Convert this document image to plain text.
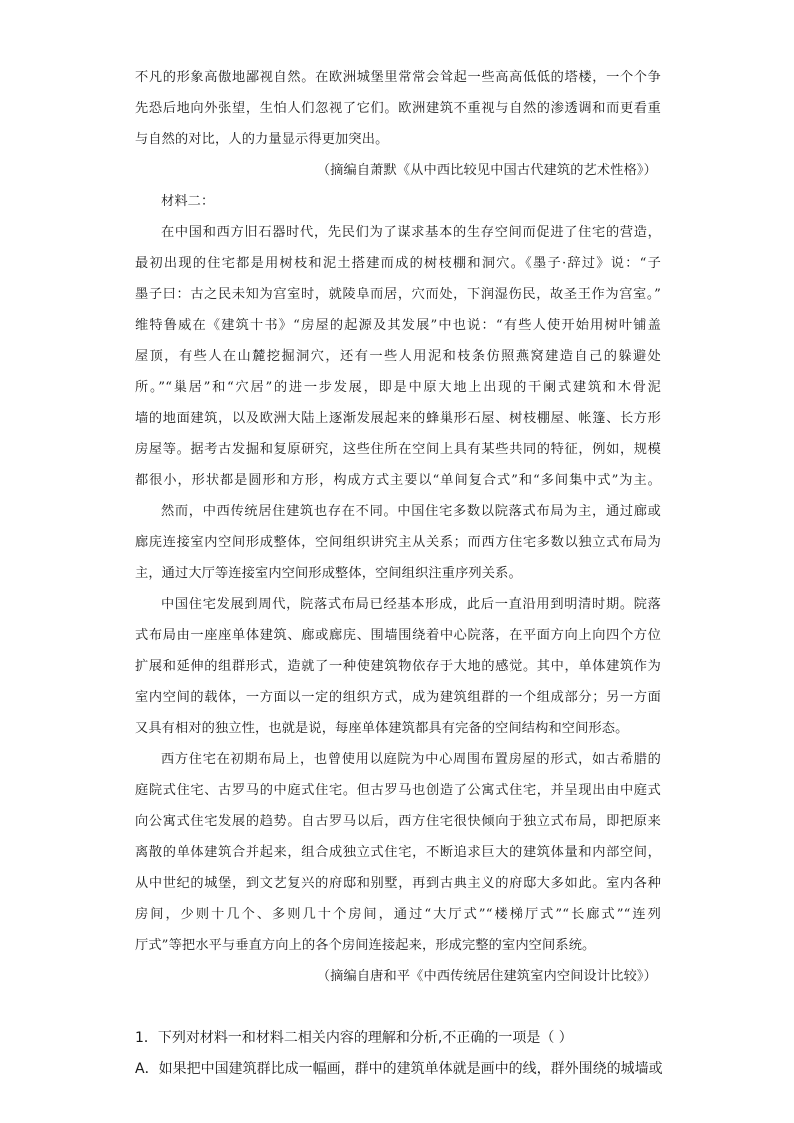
不凡的形象高傲地鄙视自然。在欧洲城堡里常常会耸起一些高高低低的塔楼，一个个争
先恐后地向外张望，生怕人们忽视了它们。欧洲建筑不重视与自然的渗透调和而更看重
与自然的对比，人的力量显示得更加突出。
（摘编自萧默《从中西比较见中国古代建筑的艺术性格》）
材料二：
在中国和西方旧石器时代，先民们为了谋求基本的生存空间而促进了住宅的营造，
最初出现的住宅都是用树枝和泥土搭建而成的树枝棚和洞穴。《墨子·辞过》说：“子
墨子曰：古之民未知为宫室时，就陵阜而居，穴而处，下润湿伤民，故圣王作为宫室。”
维特鲁威在《建筑十书》“房屋的起源及其发展”中也说：“有些人使开始用树叶铺盖
屋顶，有些人在山麓挖掘洞穴，还有一些人用泥和枝条仿照燕窝建造自己的躲避处
所。”“巢居”和“穴居”的进一步发展，即是中原大地上出现的干阑式建筑和木骨泥
墙的地面建筑，以及欧洲大陆上逐渐发展起来的蜂巢形石屋、树枝棚屋、帐篷、长方形
房屋等。据考古发掘和复原研究，这些住所在空间上具有某些共同的特征，例如，规模
都很小，形状都是圆形和方形，构成方式主要以“单间复合式”和“多间集中式”为主。
然而，中西传统居住建筑也存在不同。中国住宅多数以院落式布局为主，通过廊或
廊庑连接室内空间形成整体，空间组织讲究主从关系；而西方住宅多数以独立式布局为
主，通过大厅等连接室内空间形成整体，空间组织注重序列关系。
中国住宅发展到周代，院落式布局已经基本形成，此后一直沿用到明清时期。院落
式布局由一座座单体建筑、廊或廊庑、围墙围绕着中心院落，在平面方向上向四个方位
扩展和延伸的组群形式，造就了一种使建筑物依存于大地的感觉。其中，单体建筑作为
室内空间的载体，一方面以一定的组织方式，成为建筑组群的一个组成部分；另一方面
又具有相对的独立性，也就是说，每座单体建筑都具有完备的空间结构和空间形态。
西方住宅在初期布局上，也曾使用以庭院为中心周围布置房屋的形式，如古希腊的
庭院式住宅、古罗马的中庭式住宅。但古罗马也创造了公寓式住宅，并呈现出由中庭式
向公寓式住宅发展的趋势。自古罗马以后，西方住宅很快倾向于独立式布局，即把原来
离散的单体建筑合并起来，组合成独立式住宅，不断追求巨大的建筑体量和内部空间，
从中世纪的城堡，到文艺复兴的府邸和别墅，再到古典主义的府邸大多如此。室内各种
房间，少则十几个、多则几十个房间，通过“大厅式”“楼梯厅式”“长廊式”“连列
厅式”等把水平与垂直方向上的各个房间连接起来，形成完整的室内空间系统。
（摘编自唐和平《中西传统居住建筑室内空间设计比较》）
1．下列对材料一和材料二相关内容的理解和分析,不正确的一项是（ ）
A．如果把中国建筑群比成一幅画，群中的建筑单体就是画中的线，群外围绕的城墙或
